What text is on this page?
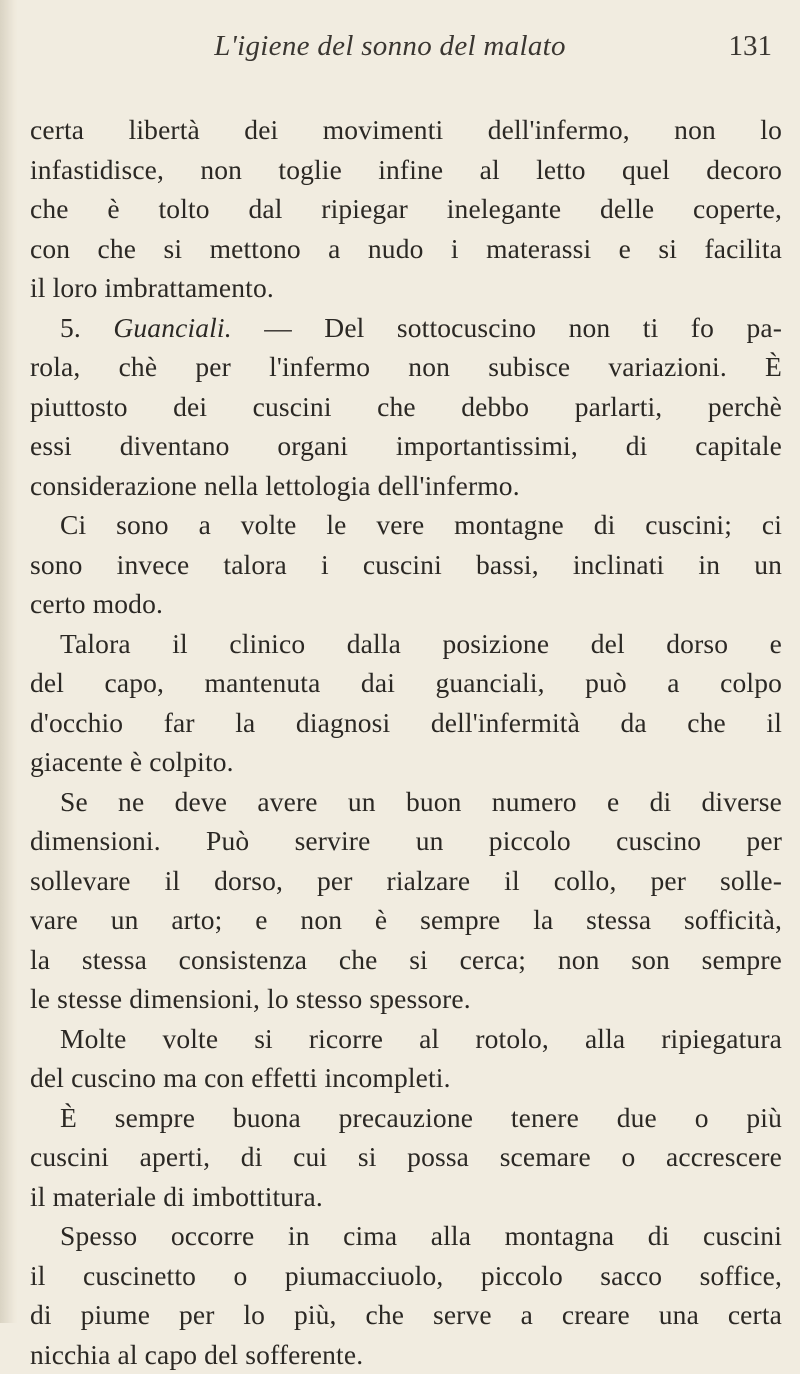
L'igiene del sonno del malato	131
certa libertà dei movimenti dell'infermo, non lo
infastidisce, non toglie infine al letto quel decoro
che è tolto dal ripiegar inelegante delle coperte,
con che si mettono a nudo i materassi e si facilita
il loro imbrattamento.
5. Guanciali. — Del sottocuscino non ti fo pa-
rola, chè per l'infermo non subisce variazioni. È
piuttosto dei cuscini che debbo parlarti, perchè
essi diventano organi importantissimi, di capitale
considerazione nella lettologia dell'infermo.
Ci sono a volte le vere montagne di cuscini; ci
sono invece talora i cuscini bassi, inclinati in un
certo modo.
Talora il clinico dalla posizione del dorso e
del capo, mantenuta dai guanciali, può a colpo
d'occhio far la diagnosi dell'infermità da che il
giacente è colpito.
Se ne deve avere un buon numero e di diverse
dimensioni. Può servire un piccolo cuscino per
sollevare il dorso, per rialzare il collo, per solle-
vare un arto; e non è sempre la stessa sofficità,
la stessa consistenza che si cerca; non son sempre
le stesse dimensioni, lo stesso spessore.
Molte volte si ricorre al rotolo, alla ripiegatura
del cuscino ma con effetti incompleti.
È sempre buona precauzione tenere due o più
cuscini aperti, di cui si possa scemare o accrescere
il materiale di imbottitura.
Spesso occorre in cima alla montagna di cuscini
il cuscinetto o piumacciuolo, piccolo sacco soffice,
di piume per lo più, che serve a creare una certa
nicchia al capo del sofferente.
